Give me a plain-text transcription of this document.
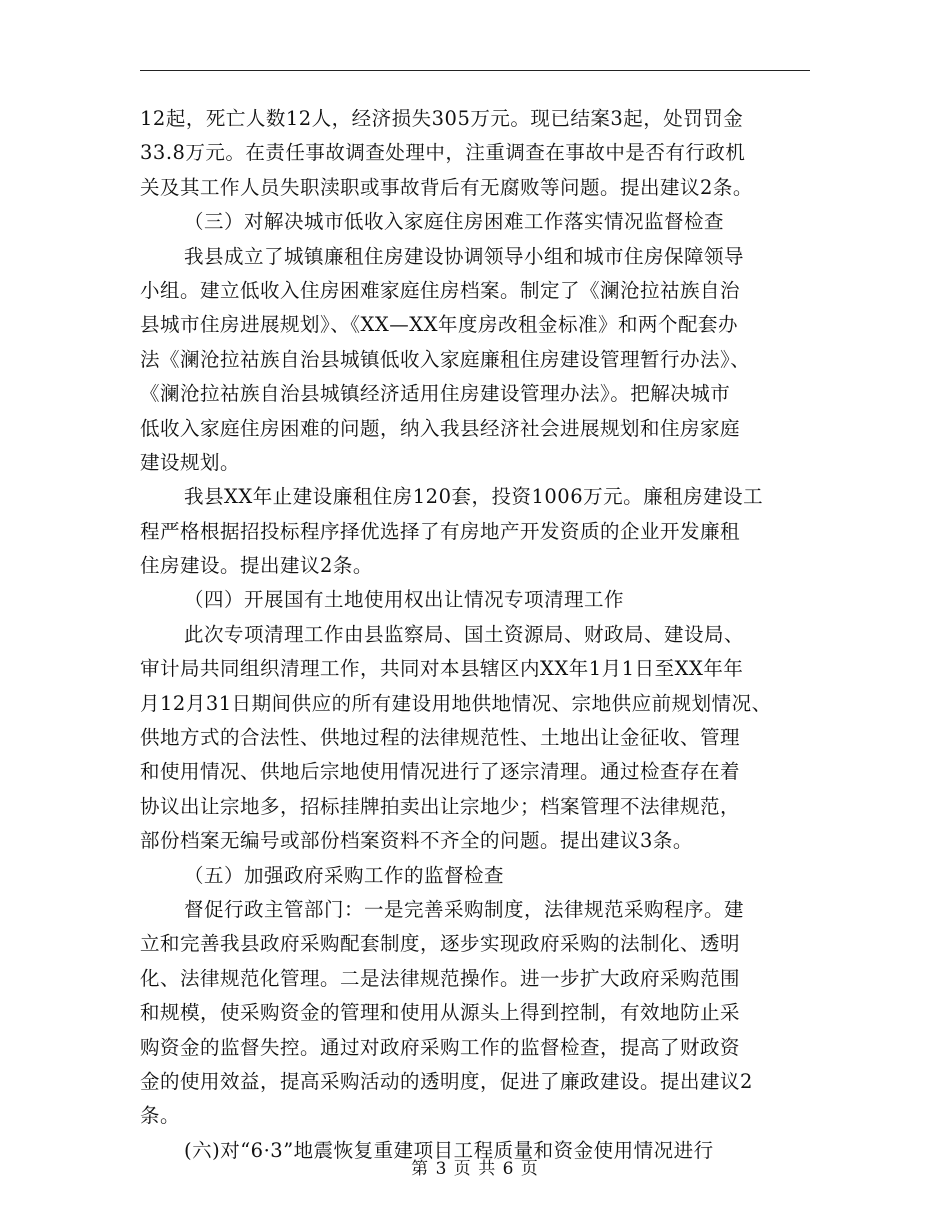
12起，死亡人数12人，经济损失305万元。现已结案3起，处罚罚金
33.8万元。在责任事故调查处理中，注重调查在事故中是否有行政机
关及其工作人员失职渎职或事故背后有无腐败等问题。提出建议2条。
（三）对解决城市低收入家庭住房困难工作落实情况监督检查
我县成立了城镇廉租住房建设协调领导小组和城市住房保障领导
小组。建立低收入住房困难家庭住房档案。制定了《澜沧拉祜族自治
县城市住房进展规划》、《XX—XX年度房改租金标准》和两个配套办
法《澜沧拉祜族自治县城镇低收入家庭廉租住房建设管理暂行办法》、
《澜沧拉祜族自治县城镇经济适用住房建设管理办法》。把解决城市
低收入家庭住房困难的问题，纳入我县经济社会进展规划和住房家庭
建设规划。
我县XX年止建设廉租住房120套，投资1006万元。廉租房建设工
程严格根据招投标程序择优选择了有房地产开发资质的企业开发廉租
住房建设。提出建议2条。
（四）开展国有土地使用权出让情况专项清理工作
此次专项清理工作由县监察局、国土资源局、财政局、建设局、
审计局共同组织清理工作，共同对本县辖区内XX年1月1日至XX年年
月12月31日期间供应的所有建设用地供地情况、宗地供应前规划情况、
供地方式的合法性、供地过程的法律规范性、土地出让金征收、管理
和使用情况、供地后宗地使用情况进行了逐宗清理。通过检查存在着
协议出让宗地多，招标挂牌拍卖出让宗地少；档案管理不法律规范，
部份档案无编号或部份档案资料不齐全的问题。提出建议3条。
（五）加强政府采购工作的监督检查
督促行政主管部门：一是完善采购制度，法律规范采购程序。建
立和完善我县政府采购配套制度，逐步实现政府采购的法制化、透明
化、法律规范化管理。二是法律规范操作。进一步扩大政府采购范围
和规模，使采购资金的管理和使用从源头上得到控制，有效地防止采
购资金的监督失控。通过对政府采购工作的监督检查，提高了财政资
金的使用效益，提高采购活动的透明度，促进了廉政建设。提出建议2
条。
(六)对“6·3”地震恢复重建项目工程质量和资金使用情况进行
第 3 页 共 6 页
